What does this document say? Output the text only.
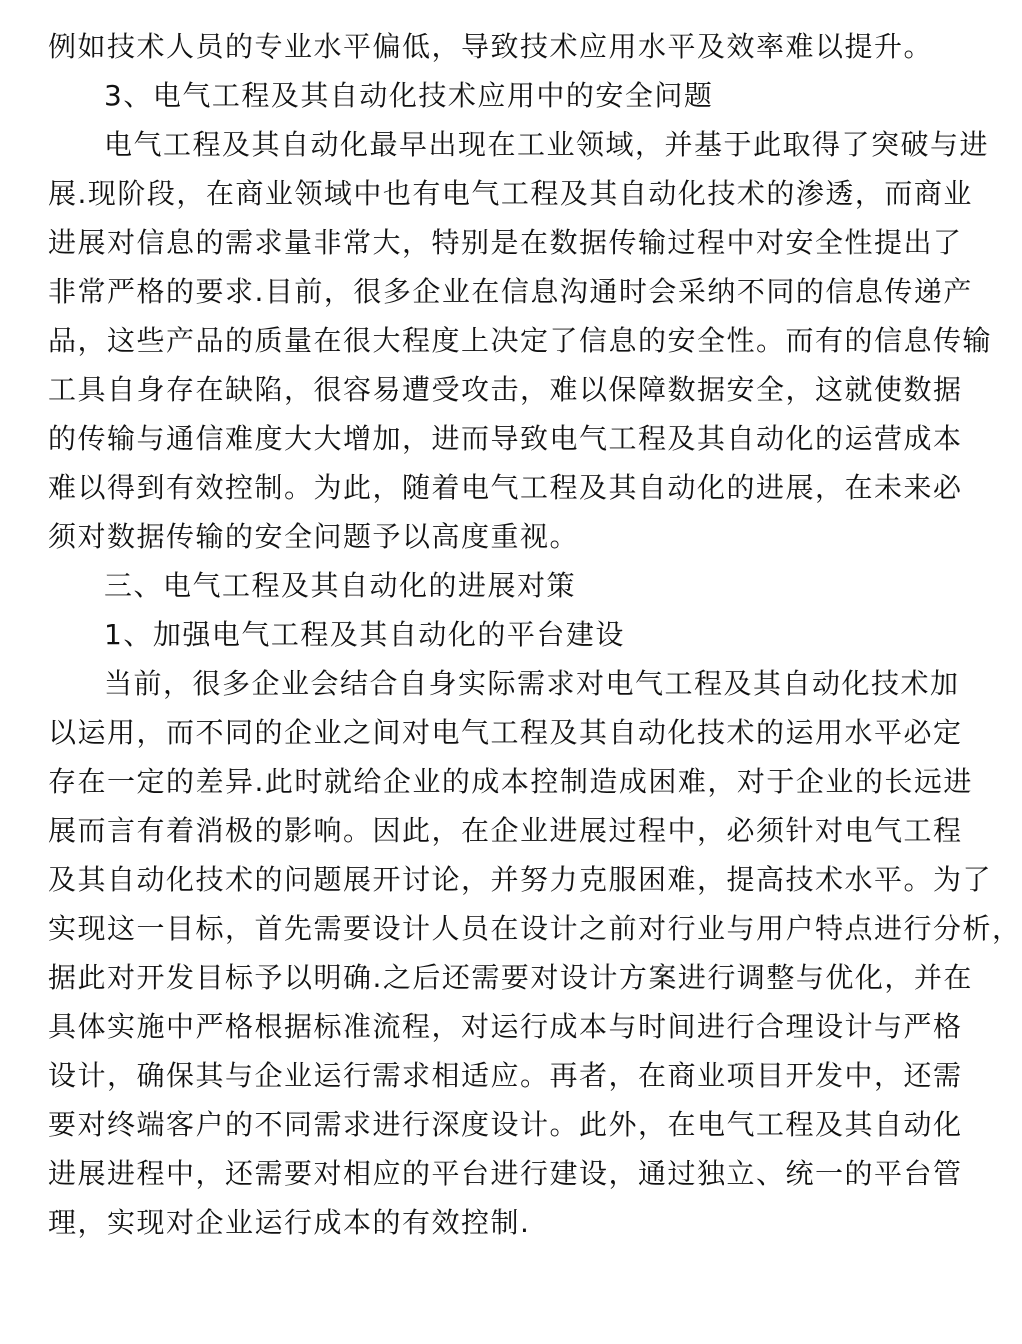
例如技术人员的专业水平偏低，导致技术应用水平及效率难以提升。
3、电气工程及其自动化技术应用中的安全问题
电气工程及其自动化最早出现在工业领域，并基于此取得了突破与进
展.现阶段，在商业领域中也有电气工程及其自动化技术的渗透，而商业
进展对信息的需求量非常大，特别是在数据传输过程中对安全性提出了
非常严格的要求.目前，很多企业在信息沟通时会采纳不同的信息传递产
品，这些产品的质量在很大程度上决定了信息的安全性。而有的信息传输
工具自身存在缺陷，很容易遭受攻击，难以保障数据安全，这就使数据
的传输与通信难度大大增加，进而导致电气工程及其自动化的运营成本
难以得到有效控制。为此，随着电气工程及其自动化的进展，在未来必
须对数据传输的安全问题予以高度重视。
三、电气工程及其自动化的进展对策
1、加强电气工程及其自动化的平台建设
当前，很多企业会结合自身实际需求对电气工程及其自动化技术加
以运用，而不同的企业之间对电气工程及其自动化技术的运用水平必定
存在一定的差异.此时就给企业的成本控制造成困难，对于企业的长远进
展而言有着消极的影响。因此，在企业进展过程中，必须针对电气工程
及其自动化技术的问题展开讨论，并努力克服困难，提高技术水平。为了
实现这一目标，首先需要设计人员在设计之前对行业与用户特点进行分析，
据此对开发目标予以明确.之后还需要对设计方案进行调整与优化，并在
具体实施中严格根据标准流程，对运行成本与时间进行合理设计与严格
设计，确保其与企业运行需求相适应。再者，在商业项目开发中，还需
要对终端客户的不同需求进行深度设计。此外，在电气工程及其自动化
进展进程中，还需要对相应的平台进行建设，通过独立、统一的平台管
理，实现对企业运行成本的有效控制.
